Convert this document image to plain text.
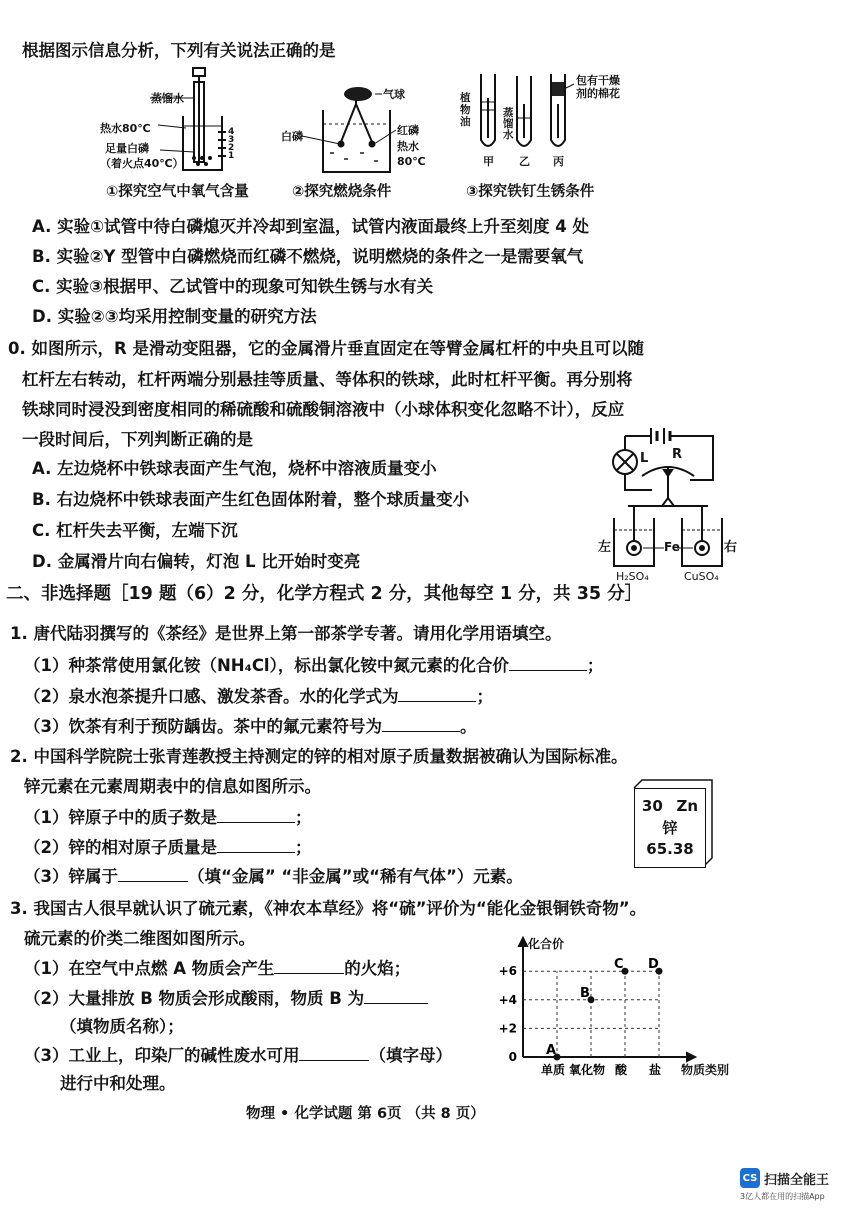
根据图示信息分析，下列有关说法正确的是
蒸馏水
热水80℃
足量白磷
（着火点40℃）
4
3
2
1
①探究空气中氧气含量
气球
白磷	红磷
热水
80℃
②探究燃烧条件
植物油
蒸馏水
包有干燥剂的棉花
甲 乙 丙
③探究铁钉生锈条件
A. 实验①试管中待白磷熄灭并冷却到室温，试管内液面最终上升至刻度 4 处
B. 实验②Y 型管中白磷燃烧而红磷不燃烧，说明燃烧的条件之一是需要氧气
C. 实验③根据甲、乙试管中的现象可知铁生锈与水有关
D. 实验②③均采用控制变量的研究方法
0. 如图所示，R 是滑动变阻器，它的金属滑片垂直固定在等臂金属杠杆的中央且可以随
杠杆左右转动，杠杆两端分别悬挂等质量、等体积的铁球，此时杠杆平衡。再分别将
铁球同时浸没到密度相同的稀硫酸和硫酸铜溶液中（小球体积变化忽略不计），反应
一段时间后，下列判断正确的是
A. 左边烧杯中铁球表面产生气泡，烧杯中溶液质量变小
B. 右边烧杯中铁球表面产生红色固体附着，整个球质量变小
C. 杠杆失去平衡，左端下沉
D. 金属滑片向右偏转，灯泡 L 比开始时变亮
L R
左	Fe	右
H₂SO₄	CuSO₄
二、非选择题［19 题（6）2 分，化学方程式 2 分，其他每空 1 分，共 35 分］
1. 唐代陆羽撰写的《茶经》是世界上第一部茶学专著。请用化学用语填空。
（1）种茶常使用氯化铵（NH₄Cl），标出氯化铵中氮元素的化合价	；
（2）泉水泡茶提升口感、激发茶香。水的化学式为	；
（3）饮茶有利于预防龋齿。茶中的氟元素符号为	。
2. 中国科学院院士张青莲教授主持测定的锌的相对原子质量数据被确认为国际标准。
锌元素在元素周期表中的信息如图所示。
（1）锌原子中的质子数是	；
（2）锌的相对原子质量是	；
（3）锌属于	（填“金属” “非金属”或“稀有气体”）元素。
30 Zn
锌
65.38
3. 我国古人很早就认识了硫元素，《神农本草经》将“硫”评价为“能化金银铜铁奇物”。
硫元素的价类二维图如图所示。
（1）在空气中点燃 A 物质会产生	的火焰；
（2）大量排放 B 物质会形成酸雨，物质 B 为
（填物质名称）；
（3）工业上，印染厂的碱性废水可用	（填字母）
进行中和处理。
+6
+4
+2
0
单质 氧化物 酸 盐
A
B
C D
化合价
物质类别
物理 • 化学试题 第 6页 （共 8 页）
CS 扫描全能王
3亿人都在用的扫描App
